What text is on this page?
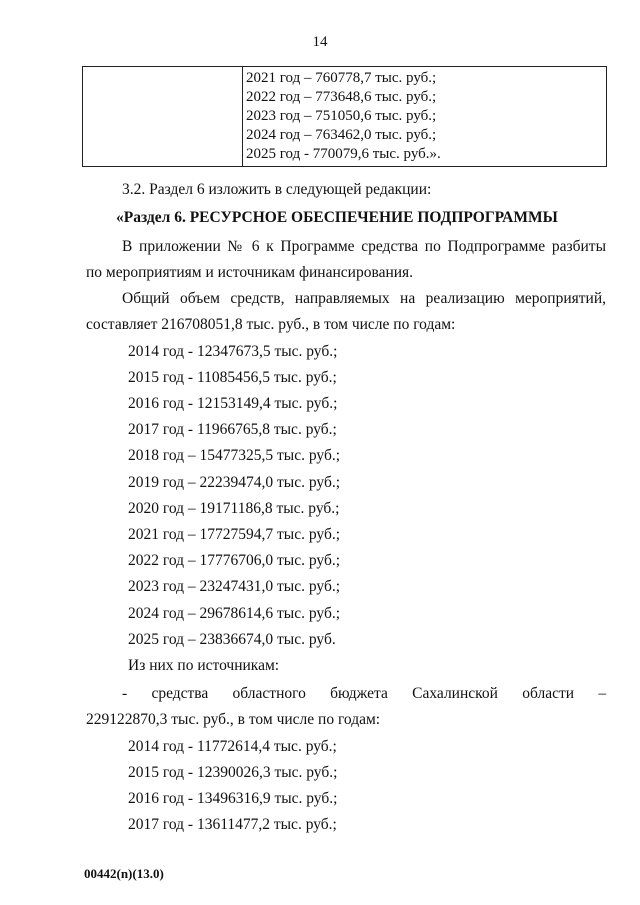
14

2021 год – 760778,7 тыс. руб.;
2022 год – 773648,6 тыс. руб.;
2023 год – 751050,6 тыс. руб.;
2024 год – 763462,0 тыс. руб.;
2025 год - 770079,6 тыс. руб.».
3.2. Раздел 6 изложить в следующей редакции:
«Раздел 6. РЕСУРСНОЕ ОБЕСПЕЧЕНИЕ ПОДПРОГРАММЫ
В приложении № 6 к Программе средства по Подпрограмме разбиты
по мероприятиям и источникам финансирования.
Общий объем средств, направляемых на реализацию мероприятий,
составляет 216708051,8 тыс. руб., в том числе по годам:
2014 год - 12347673,5 тыс. руб.;
2015 год - 11085456,5 тыс. руб.;
2016 год - 12153149,4 тыс. руб.;
2017 год - 11966765,8 тыс. руб.;
2018 год – 15477325,5 тыс. руб.;
2019 год – 22239474,0 тыс. руб.;
2020 год – 19171186,8 тыс. руб.;
2021 год – 17727594,7 тыс. руб.;
2022 год – 17776706,0 тыс. руб.;
2023 год – 23247431,0 тыс. руб.;
2024 год – 29678614,6 тыс. руб.;
2025 год – 23836674,0 тыс. руб.
Из них по источникам:
- средства областного бюджета Сахалинской области –
229122870,3 тыс. руб., в том числе по годам:
2014 год - 11772614,4 тыс. руб.;
2015 год - 12390026,3 тыс. руб.;
2016 год - 13496316,9 тыс. руб.;
2017 год - 13611477,2 тыс. руб.;
00442(n)(13.0)
